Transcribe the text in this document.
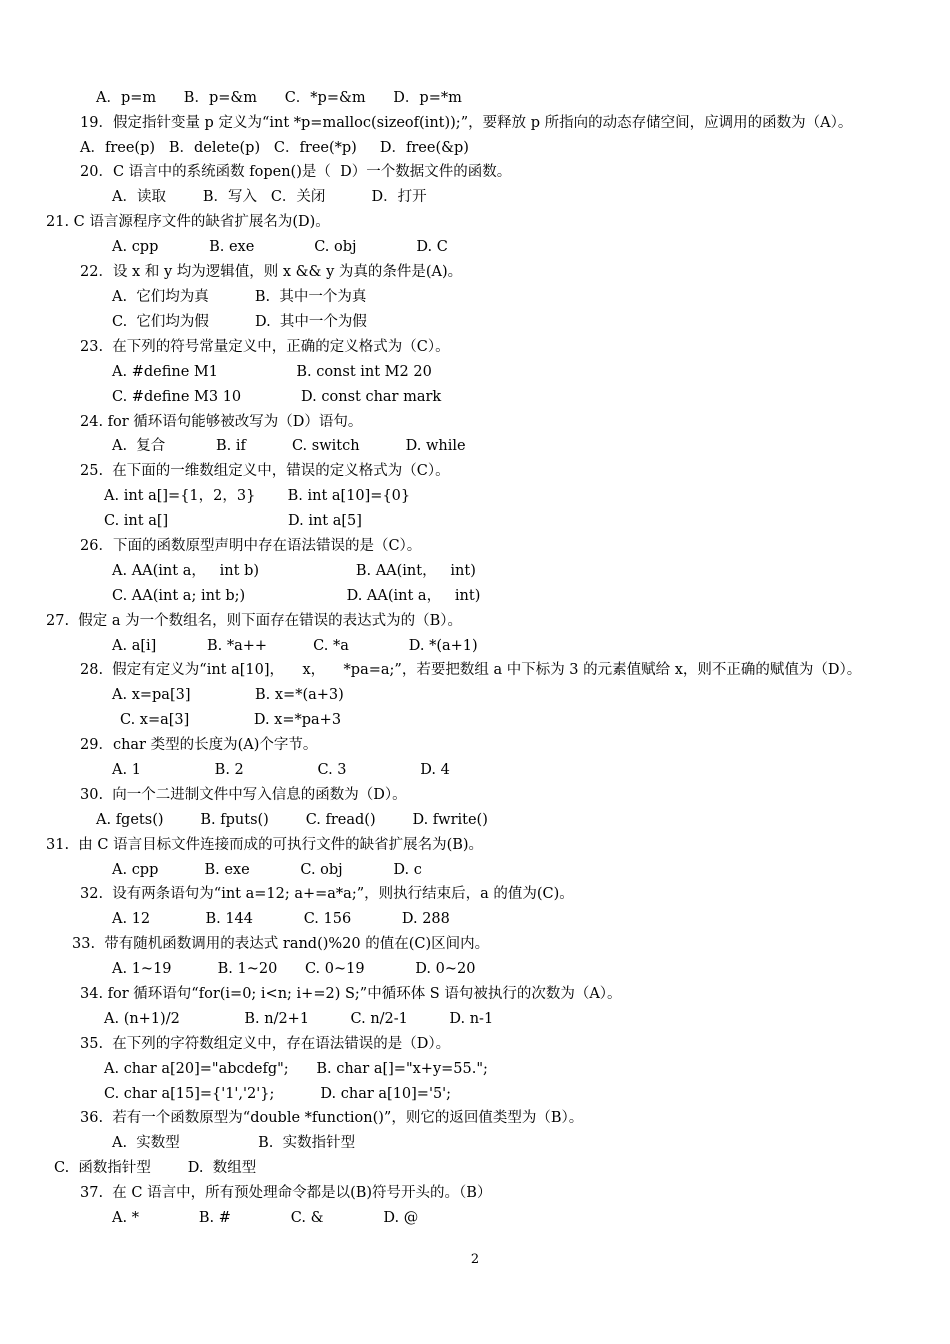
A．p=m      B．p=&m      C．*p=&m      D．p=*m
19．假定指针变量 p 定义为“int *p=malloc(sizeof(int));”，要释放 p 所指向的动态存储空间，应调用的函数为（A）。
A．free(p)   B．delete(p)   C．free(*p)     D．free(&p)
20．C 语言中的系统函数 fopen()是（  D）一个数据文件的函数。
A．读取        B．写入   C．关闭          D．打开
21. C 语言源程序文件的缺省扩展名为(D)。
A. cpp           B. exe             C. obj             D. C
22．设 x 和 y 均为逻辑值，则 x && y 为真的条件是(A)。
A.  它们均为真          B.  其中一个为真
C.  它们均为假          D.  其中一个为假
23.  在下列的符号常量定义中，正确的定义格式为（C）。
A. #define M1                 B. const int M2 20
C. #define M3 10             D. const char mark
24. for 循环语句能够被改写为（D）语句。
A.  复合           B. if          C. switch          D. while
25.  在下面的一维数组定义中，错误的定义格式为（C）。
A. int a[]={1，2，3}       B. int a[10]={0}
C. int a[]                          D. int a[5]
26．下面的函数原型声明中存在语法错误的是（C）。
A. AA(int a，   int b)                     B. AA(int，   int)
C. AA(int a; int b;)                      D. AA(int a，   int)
27.  假定 a 为一个数组名，则下面存在错误的表达式为的（B）。
A. a[i]           B. *a++          C. *a             D. *(a+1)
28.  假定有定义为“int a[10]，    x，    *pa=a;”，若要把数组 a 中下标为 3 的元素值赋给 x，则不正确的赋值为（D）。
A. x=pa[3]              B. x=*(a+3)
C. x=a[3]              D. x=*pa+3
29．char 类型的长度为(A)个字节。
A. 1                B. 2                C. 3                D. 4
30.  向一个二进制文件中写入信息的函数为（D）。
A. fgets()        B. fputs()        C. fread()        D. fwrite()
31.  由 C 语言目标文件连接而成的可执行文件的缺省扩展名为(B)。
A. cpp          B. exe           C. obj           D. c
32.  设有两条语句为“int a=12; a+=a*a;”，则执行结束后，a 的值为(C)。
A. 12            B. 144           C. 156           D. 288
33.  带有随机函数调用的表达式 rand()%20 的值在(C)区间内。
A. 1~19          B. 1~20      C. 0~19           D. 0~20
34. for 循环语句“for(i=0; i<n; i+=2) S;”中循环体 S 语句被执行的次数为（A）。
A. (n+1)/2              B. n/2+1         C. n/2-1         D. n-1
35.  在下列的字符数组定义中，存在语法错误的是（D）。
A. char a[20]="abcdefg";      B. char a[]="x+y=55.";
C. char a[15]={'1','2'};          D. char a[10]='5';
36.  若有一个函数原型为“double *function()”，则它的返回值类型为（B）。
A.  实数型                 B.  实数指针型
C.  函数指针型        D.  数组型
37.  在 C 语言中，所有预处理命令都是以(B)符号开头的。（B）
A. *             B. #             C. &             D. @
2
